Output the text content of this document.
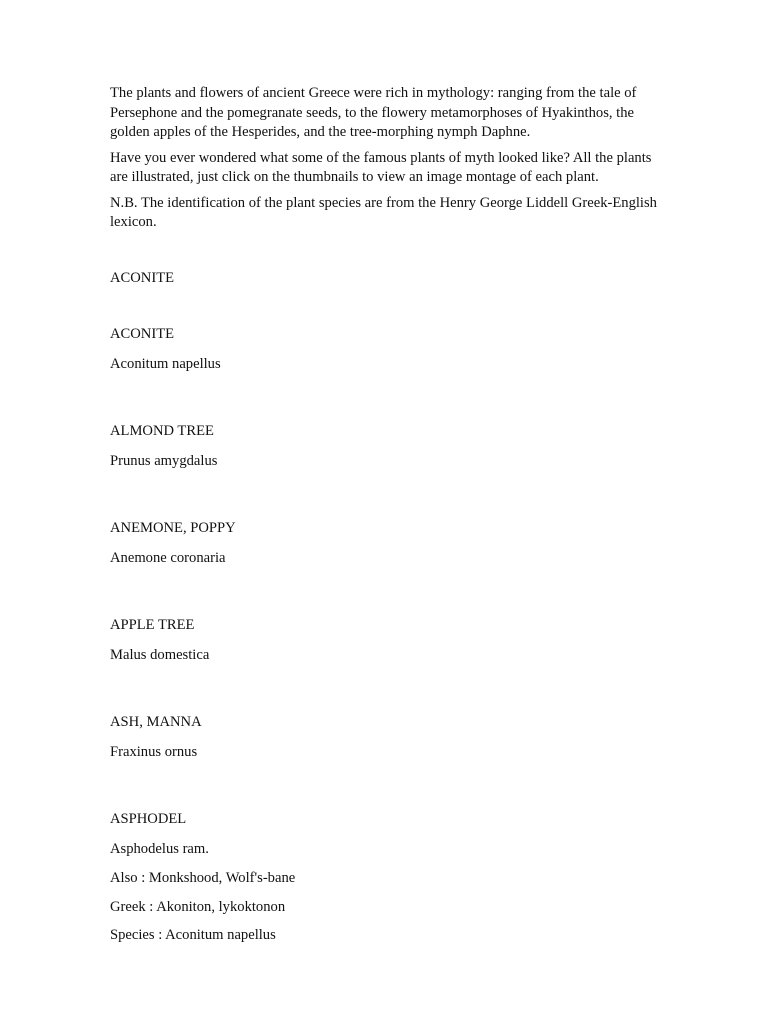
The plants and flowers of ancient Greece were rich in mythology: ranging from the tale of Persephone and the pomegranate seeds, to the flowery metamorphoses of Hyakinthos, the golden apples of the Hesperides, and the tree-morphing nymph Daphne.

Have you ever wondered what some of the famous plants of myth looked like? All the plants are illustrated, just click on the thumbnails to view an image montage of each plant.

N.B. The identification of the plant species are from the Henry George Liddell Greek-English lexicon.

ACONITE

ACONITE

Aconitum napellus

ALMOND TREE

Prunus amygdalus

ANEMONE, POPPY

Anemone coronaria

APPLE TREE

Malus domestica

ASH, MANNA

Fraxinus ornus

ASPHODEL

Asphodelus ram.

Also : Monkshood, Wolf's-bane

Greek : Akoniton, lykoktonon

Species : Aconitum napellus
